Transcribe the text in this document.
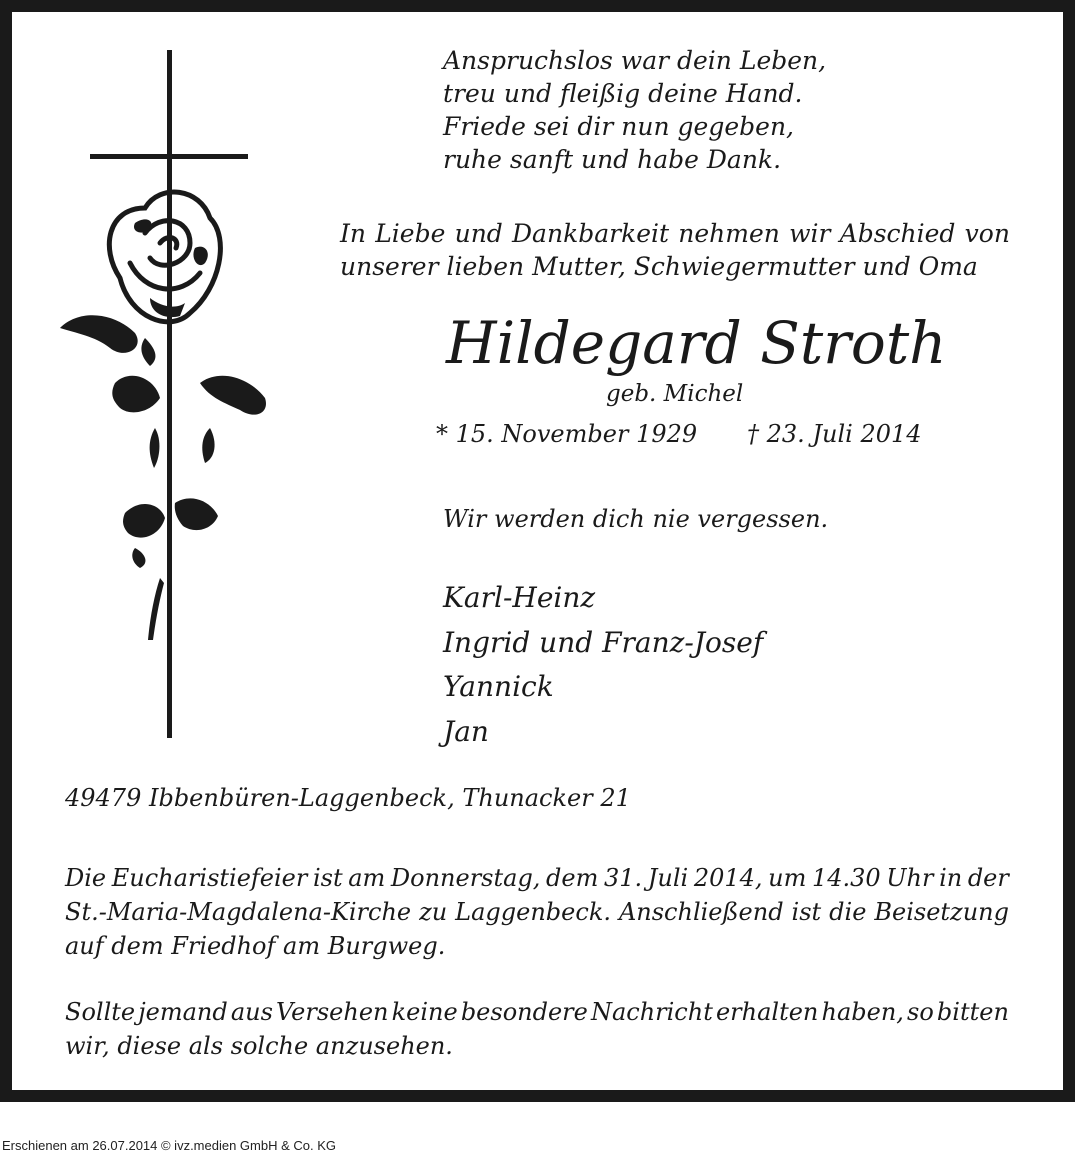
Anspruchslos war dein Leben,
treu und fleißig deine Hand.
Friede sei dir nun gegeben,
ruhe sanft und habe Dank.
In Liebe und Dankbarkeit nehmen wir Abschied von
unserer lieben Mutter, Schwiegermutter und Oma
Hildegard Stroth
geb. Michel
* 15. November 1929 † 23. Juli 2014
Wir werden dich nie vergessen.
Karl-Heinz
Ingrid und Franz-Josef
Yannick
Jan
49479 Ibbenbüren-Laggenbeck, Thunacker 21
Die Eucharistiefeier ist am Donnerstag, dem 31. Juli 2014, um 14.30 Uhr in der
St.-Maria-Magdalena-Kirche zu Laggenbeck. Anschließend ist die Beisetzung
auf dem Friedhof am Burgweg.
Sollte jemand aus Versehen keine besondere Nachricht erhalten haben, so bitten
wir, diese als solche anzusehen.
Erschienen am 26.07.2014 © ivz.medien GmbH & Co. KG
